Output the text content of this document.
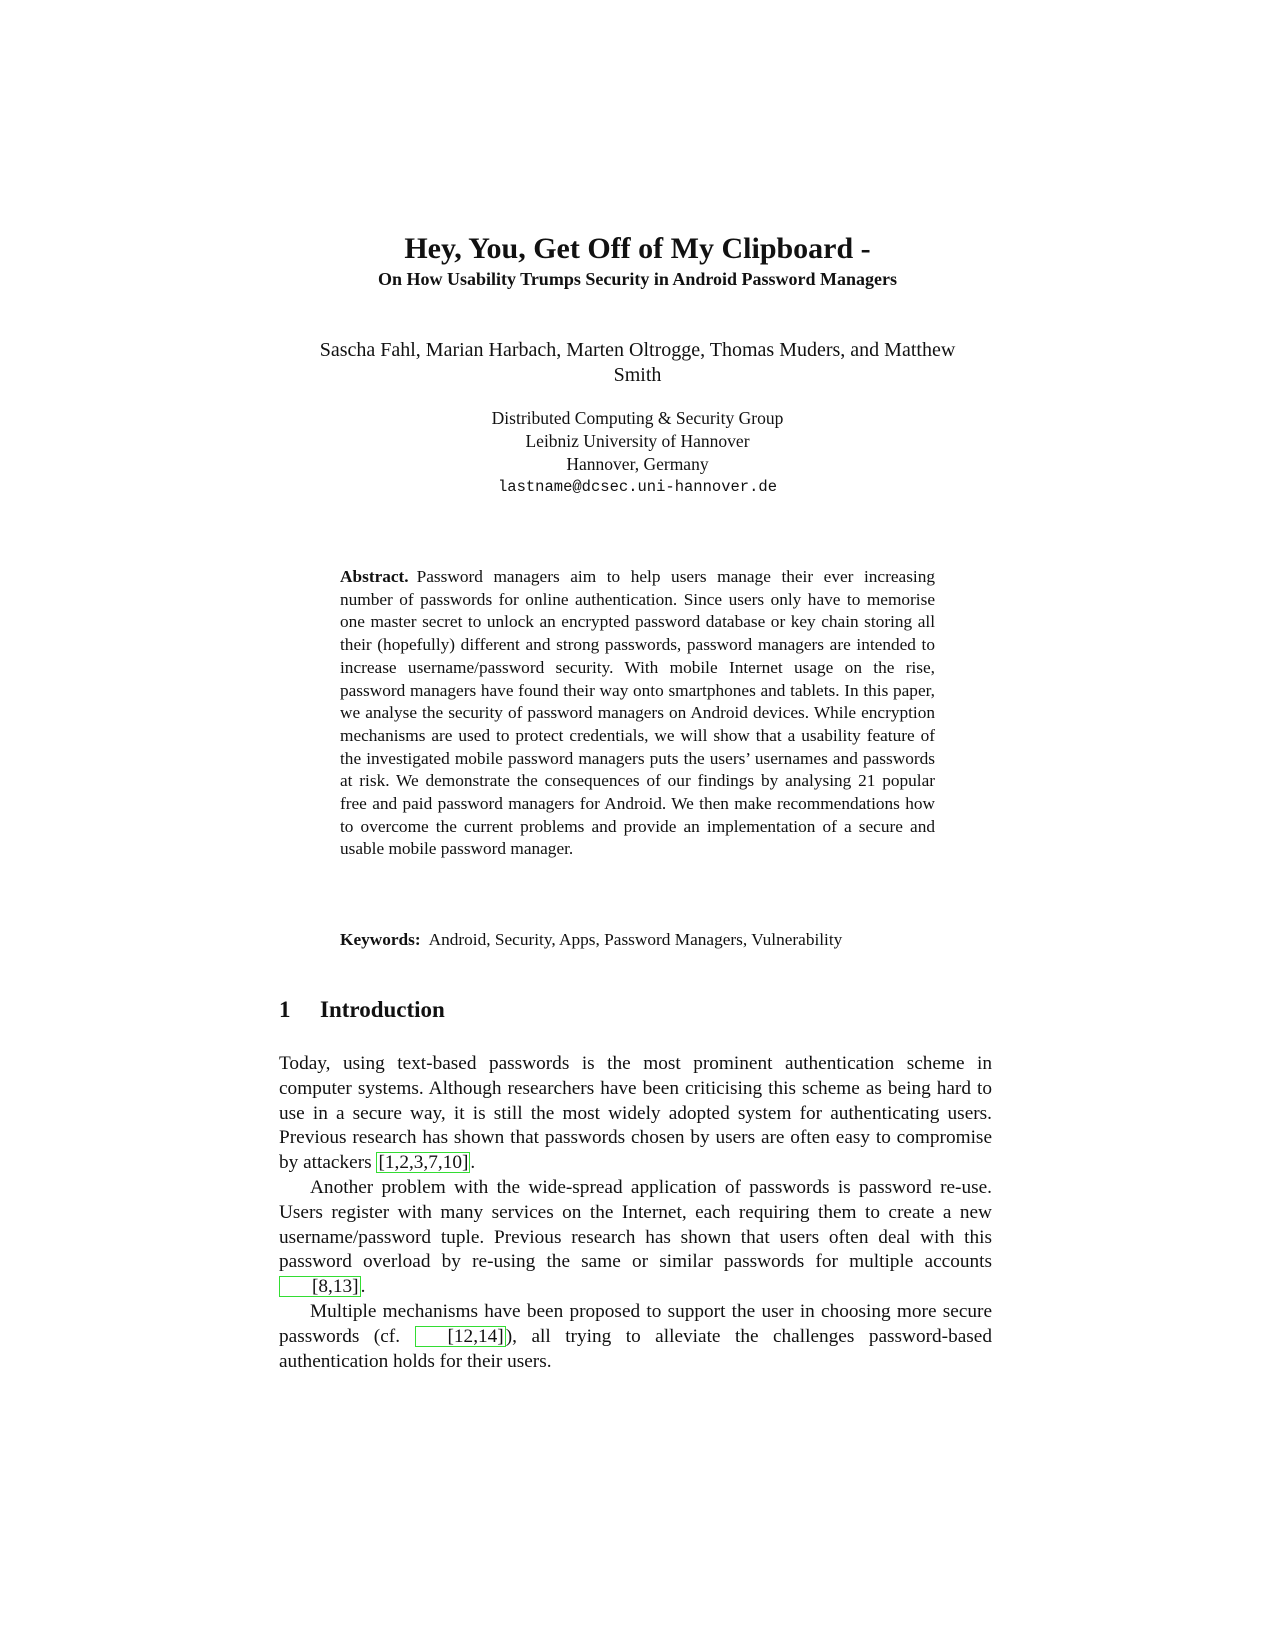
Hey, You, Get Off of My Clipboard -
On How Usability Trumps Security in Android Password Managers
Sascha Fahl, Marian Harbach, Marten Oltrogge, Thomas Muders, and Matthew Smith
Distributed Computing & Security Group
Leibniz University of Hannover
Hannover, Germany
lastname@dcsec.uni-hannover.de

Abstract. Password managers aim to help users manage their ever increasing number of passwords for online authentication. Since users only have to memorise one master secret to unlock an encrypted password database or key chain storing all their (hopefully) different and strong passwords, password managers are intended to increase username/password security. With mobile Internet usage on the rise, password managers have found their way onto smartphones and tablets. In this paper, we analyse the security of password managers on Android devices. While encryption mechanisms are used to protect credentials, we will show that a usability feature of the investigated mobile password managers puts the users’ usernames and passwords at risk. We demonstrate the consequences of our findings by analysing 21 popular free and paid password managers for Android. We then make recommendations how to overcome the current problems and provide an implementation of a secure and usable mobile password manager.

Keywords: Android, Security, Apps, Password Managers, Vulnerability

1 Introduction

Today, using text-based passwords is the most prominent authentication scheme in computer systems. Although researchers have been criticising this scheme as being hard to use in a secure way, it is still the most widely adopted system for authenticating users. Previous research has shown that passwords chosen by users are often easy to compromise by attackers [1,2,3,7,10] .

Another problem with the wide-spread application of passwords is password re-use. Users register with many services on the Internet, each requiring them to create a new username/password tuple. Previous research has shown that users often deal with this password overload by re-using the same or similar passwords for multiple accounts [8,13] .

Multiple mechanisms have been proposed to support the user in choosing more secure passwords (cf. [12,14] ), all trying to alleviate the challenges password-based authentication holds for their users.
